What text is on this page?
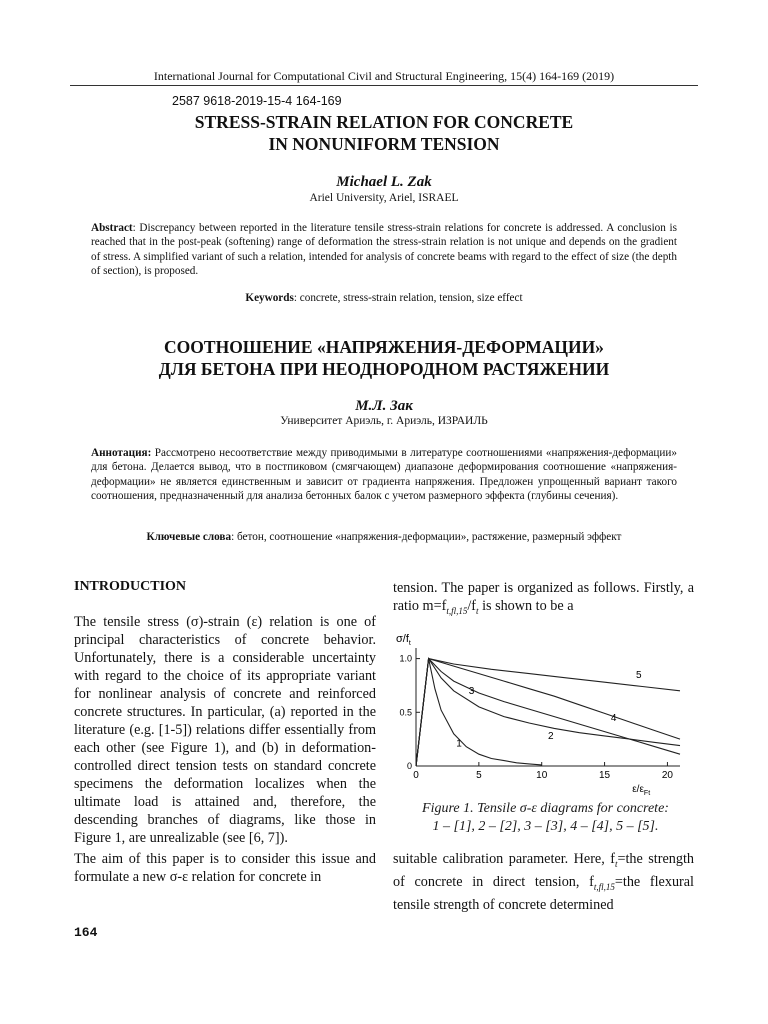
International Journal for Computational Civil and Structural Engineering, 15(4) 164-169 (2019)
2587 9618-2019-15-4 164-169
STRESS-STRAIN RELATION FOR CONCRETE
IN NONUNIFORM TENSION
Michael L. Zak
Ariel University, Ariel, ISRAEL
Abstract: Discrepancy between reported in the literature tensile stress-strain relations for concrete is addressed. A conclusion is reached that in the post-peak (softening) range of deformation the stress-strain relation is not unique and depends on the gradient of stress. A simplified variant of such a relation, intended for analysis of concrete beams with regard to the effect of size (the depth of section), is proposed.
Keywords: concrete, stress-strain relation, tension, size effect
СООТНОШЕНИЕ «НАПРЯЖЕНИЯ-ДЕФОРМАЦИИ»
ДЛЯ БЕТОНА ПРИ НЕОДНОРОДНОМ РАСТЯЖЕНИИ
М.Л. Зак
Университет Ариэль, г. Ариэль, ИЗРАИЛЬ
Аннотация: Рассмотрено несоответствие между приводимыми в литературе соотношениями «напряжения-деформации» для бетона. Делается вывод, что в постпиковом (смягчающем) диапазоне деформирования соотношение «напряжения-деформации» не является единственным и зависит от градиента напряжения. Предложен упрощенный вариант такого соотношения, предназначенный для анализа бетонных балок с учетом размерного эффекта (глубины сечения).
Ключевые слова: бетон, соотношение «напряжения-деформации», растяжение, размерный эффект
INTRODUCTION
The tensile stress (σ)-strain (ε) relation is one of principal characteristics of concrete behavior. Unfortunately, there is a considerable uncertainty with regard to the choice of its appropriate variant for nonlinear analysis of concrete and reinforced concrete structures. In particular, (a) reported in the literature (e.g. [1-5]) relations differ essentially from each other (see Figure 1), and (b) in deformation-controlled direct tension tests on standard concrete specimens the deformation localizes when the ultimate load is attained and, therefore, the descending branches of diagrams, like those in Figure 1, are unrealizable (see [6, 7]).
The aim of this paper is to consider this issue and formulate a new σ-ε relation for concrete in
tension. The paper is organized as follows. Firstly, a ratio $m=f_{t,fl,15}/f_t$ is shown to be a
0	5	10	15	20
0
0.5
1.0
$\sigma/f_t$
$\varepsilon/\varepsilon_{Ft}$
1
2
3
4
5
Figure 1. Tensile σ-ε diagrams for concrete:
1 – [1], 2 – [2], 3 – [3], 4 – [4], 5 – [5].
suitable calibration parameter. Here, $f_t=the$ strength of concrete in direct tension, $f_{t,fl,15}=the$ flexural tensile strength of concrete determined
164
